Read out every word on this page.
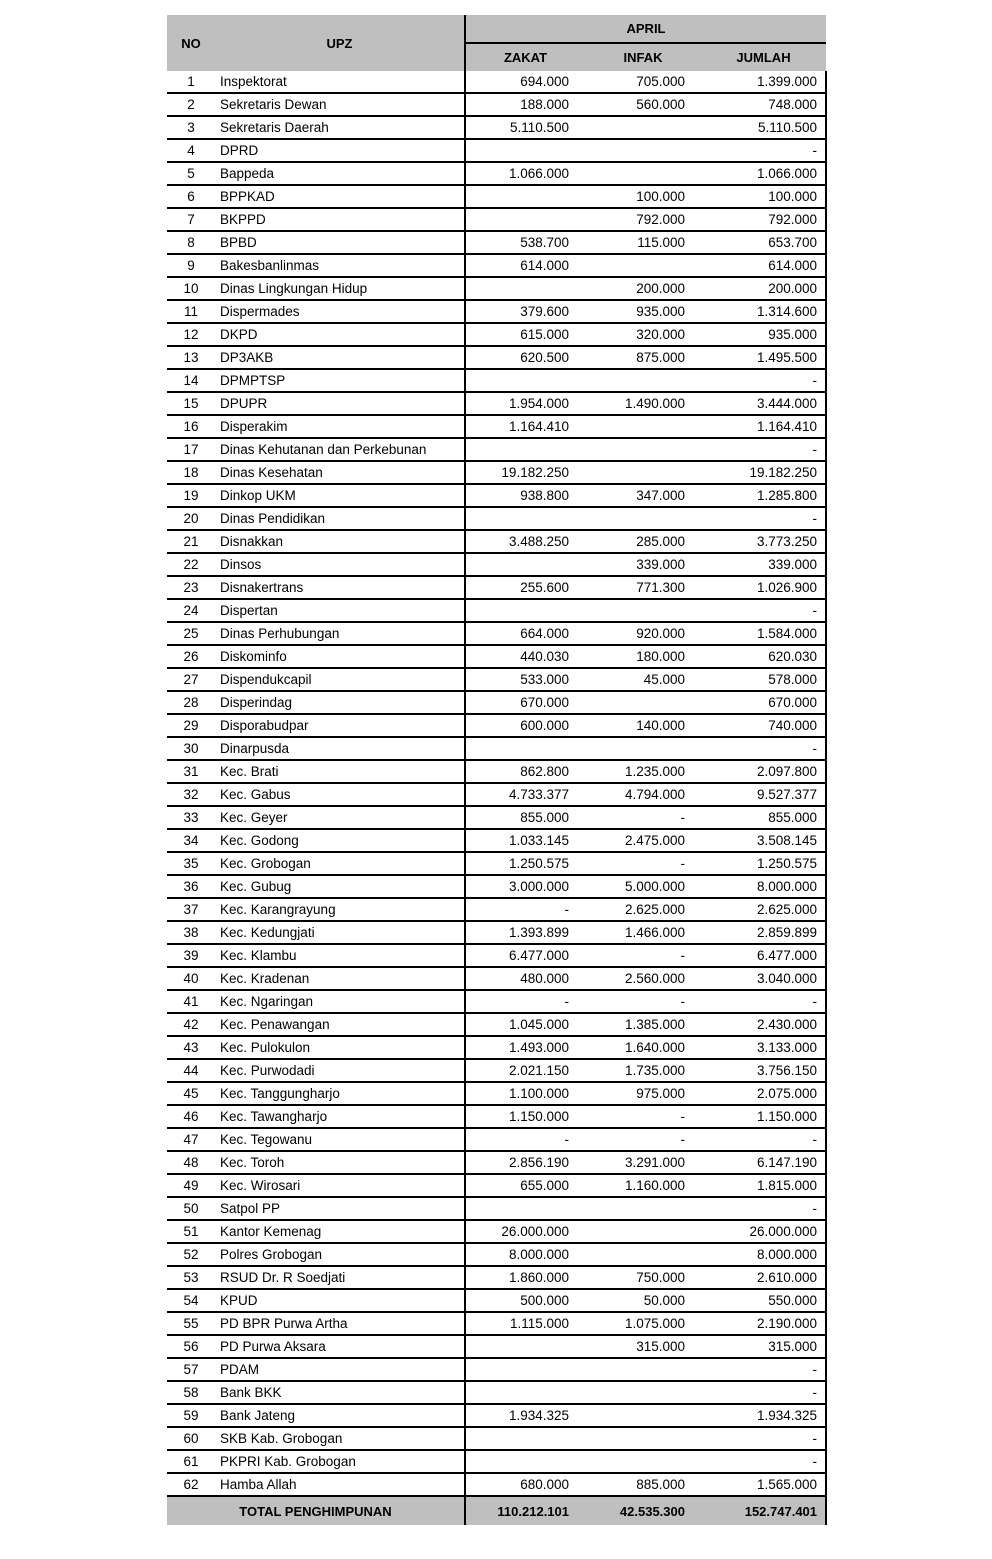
NO	UPZ	APRIL		
		ZAKAT	INFAK	JUMLAH
1	Inspektorat	694.000	705.000	1.399.000
2	Sekretaris Dewan	188.000	560.000	748.000
3	Sekretaris Daerah	5.110.500		5.110.500
4	DPRD			-
5	Bappeda	1.066.000		1.066.000
6	BPPKAD		100.000	100.000
7	BKPPD		792.000	792.000
8	BPBD	538.700	115.000	653.700
9	Bakesbanlinmas	614.000		614.000
10	Dinas Lingkungan Hidup		200.000	200.000
11	Dispermades	379.600	935.000	1.314.600
12	DKPD	615.000	320.000	935.000
13	DP3AKB	620.500	875.000	1.495.500
14	DPMPTSP			-
15	DPUPR	1.954.000	1.490.000	3.444.000
16	Disperakim	1.164.410		1.164.410
17	Dinas Kehutanan dan Perkebunan			-
18	Dinas Kesehatan	19.182.250		19.182.250
19	Dinkop UKM	938.800	347.000	1.285.800
20	Dinas Pendidikan			-
21	Disnakkan	3.488.250	285.000	3.773.250
22	Dinsos		339.000	339.000
23	Disnakertrans	255.600	771.300	1.026.900
24	Dispertan			-
25	Dinas Perhubungan	664.000	920.000	1.584.000
26	Diskominfo	440.030	180.000	620.030
27	Dispendukcapil	533.000	45.000	578.000
28	Disperindag	670.000		670.000
29	Disporabudpar	600.000	140.000	740.000
30	Dinarpusda			-
31	Kec. Brati	862.800	1.235.000	2.097.800
32	Kec. Gabus	4.733.377	4.794.000	9.527.377
33	Kec. Geyer	855.000	-	855.000
34	Kec. Godong	1.033.145	2.475.000	3.508.145
35	Kec. Grobogan	1.250.575	-	1.250.575
36	Kec. Gubug	3.000.000	5.000.000	8.000.000
37	Kec. Karangrayung	-	2.625.000	2.625.000
38	Kec. Kedungjati	1.393.899	1.466.000	2.859.899
39	Kec. Klambu	6.477.000	-	6.477.000
40	Kec. Kradenan	480.000	2.560.000	3.040.000
41	Kec. Ngaringan	-	-	-
42	Kec. Penawangan	1.045.000	1.385.000	2.430.000
43	Kec. Pulokulon	1.493.000	1.640.000	3.133.000
44	Kec. Purwodadi	2.021.150	1.735.000	3.756.150
45	Kec. Tanggungharjo	1.100.000	975.000	2.075.000
46	Kec. Tawangharjo	1.150.000	-	1.150.000
47	Kec. Tegowanu	-	-	-
48	Kec. Toroh	2.856.190	3.291.000	6.147.190
49	Kec. Wirosari	655.000	1.160.000	1.815.000
50	Satpol PP			-
51	Kantor Kemenag	26.000.000		26.000.000
52	Polres Grobogan	8.000.000		8.000.000
53	RSUD Dr. R Soedjati	1.860.000	750.000	2.610.000
54	KPUD	500.000	50.000	550.000
55	PD BPR Purwa Artha	1.115.000	1.075.000	2.190.000
56	PD Purwa Aksara		315.000	315.000
57	PDAM			-
58	Bank BKK			-
59	Bank Jateng	1.934.325		1.934.325
60	SKB Kab. Grobogan			-
61	PKPRI Kab. Grobogan			-
62	Hamba Allah	680.000	885.000	1.565.000
TOTAL PENGHIMPUNAN		110.212.101	42.535.300	152.747.401
